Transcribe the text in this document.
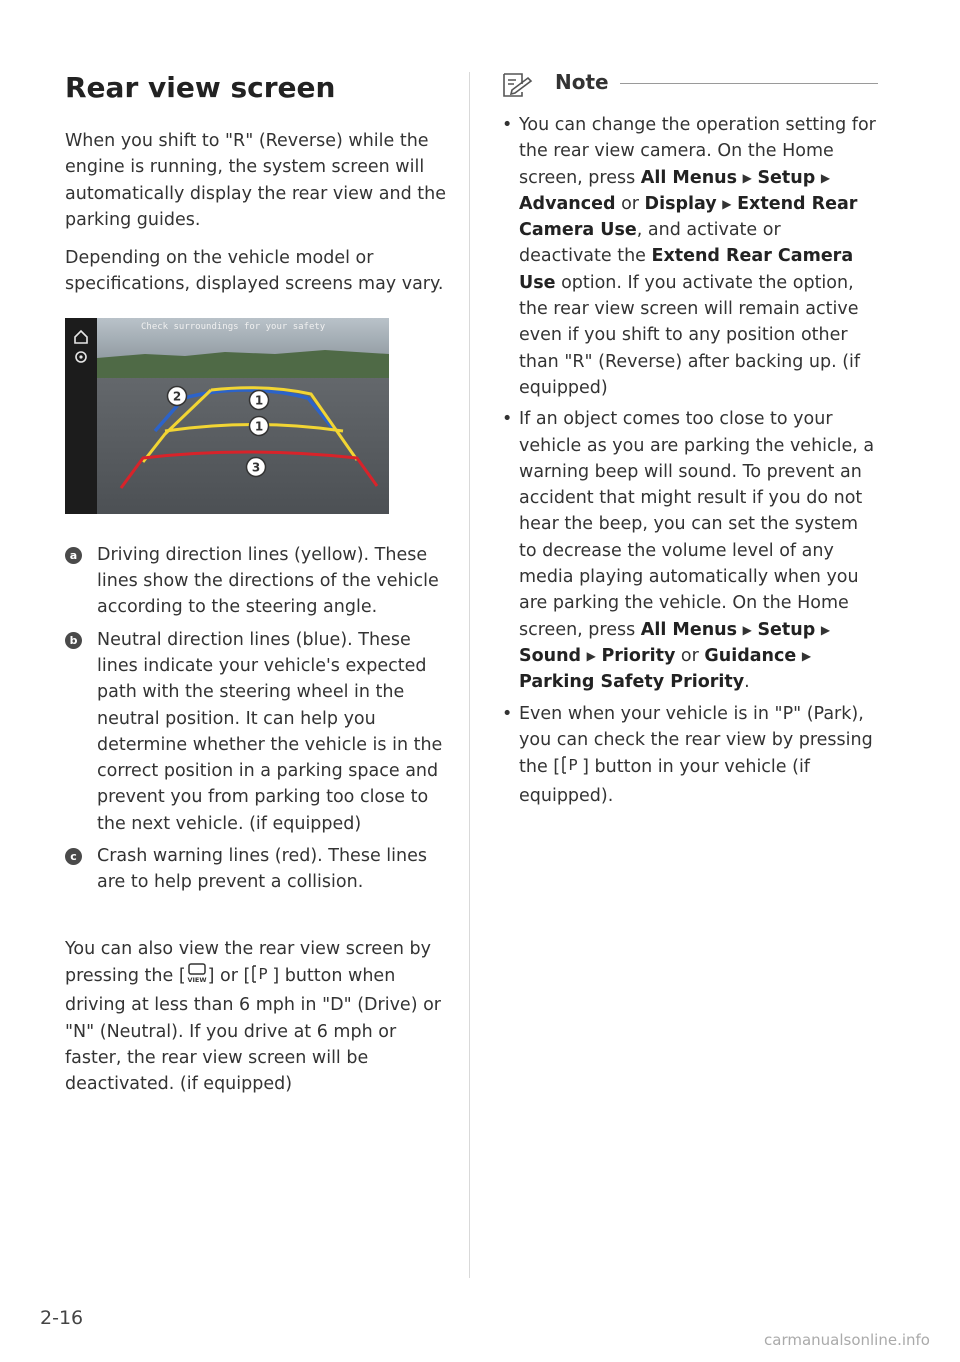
Rear view screen

When you shift to "R" (Reverse) while the engine is running, the system screen will automatically display the rear view and the parking guides.

Depending on the vehicle model or specifications, displayed screens may vary.

Check surroundings for your safety
1
2
1
3
a Driving direction lines (yellow). These lines show the directions of the vehicle according to the steering angle.
b Neutral direction lines (blue). These lines indicate your vehicle's expected path with the steering wheel in the neutral position. It can help you determine whether the vehicle is in the correct position in a parking space and prevent you from parking too close to the next vehicle. (if equipped)
c Crash warning lines (red). These lines are to help prevent a collision.

You can also view the rear view screen by pressing the [ VIEW ] or [ P ] button when driving at less than 6 mph in "D" (Drive) or "N" (Neutral). If you drive at 6 mph or faster, the rear view screen will be deactivated. (if equipped)

Note
• You can change the operation setting for the rear view camera. On the Home screen, press All Menus ▶ Setup ▶ Advanced or Display ▶ Extend Rear Camera Use, and activate or deactivate the Extend Rear Camera Use option. If you activate the option, the rear view screen will remain active even if you shift to any position other than "R" (Reverse) after backing up. (if equipped)
• If an object comes too close to your vehicle as you are parking the vehicle, a warning beep will sound. To prevent an accident that might result if you do not hear the beep, you can set the system to decrease the volume level of any media playing automatically when you are parking the vehicle. On the Home screen, press All Menus ▶ Setup ▶ Sound ▶ Priority or Guidance ▶ Parking Safety Priority.
• Even when your vehicle is in "P" (Park), you can check the rear view by pressing the [ P ] button in your vehicle (if equipped).
2-16
carmanualsonline.info
